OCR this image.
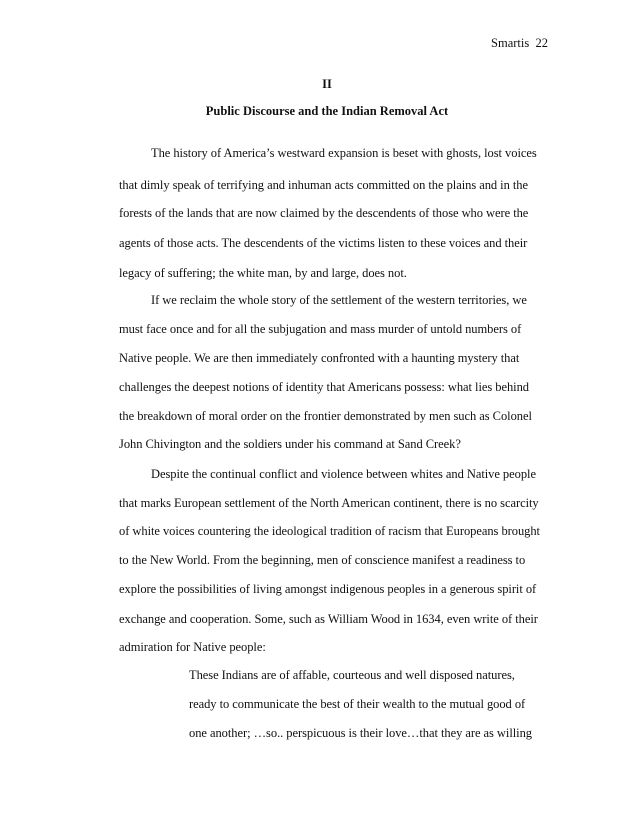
Smartis  22
II
Public Discourse and the Indian Removal Act
The history of America’s westward expansion is beset with ghosts, lost voices
that dimly speak of terrifying and inhuman acts committed on the plains and in the
forests of the lands that are now claimed by the descendents of those who were the
agents of those acts. The descendents of the victims listen to these voices and their
legacy of suffering; the white man, by and large, does not.
If we reclaim the whole story of the settlement of the western territories, we
must face once and for all the subjugation and mass murder of untold numbers of
Native people. We are then immediately confronted with a haunting mystery that
challenges the deepest notions of identity that Americans possess: what lies behind
the breakdown of moral order on the frontier demonstrated by men such as Colonel
John Chivington and the soldiers under his command at Sand Creek?
Despite the continual conflict and violence between whites and Native people
that marks European settlement of the North American continent, there is no scarcity
of white voices countering the ideological tradition of racism that Europeans brought
to the New World. From the beginning, men of conscience manifest a readiness to
explore the possibilities of living amongst indigenous peoples in a generous spirit of
exchange and cooperation. Some, such as William Wood in 1634, even write of their
admiration for Native people:
These Indians are of affable, courteous and well disposed natures,
ready to communicate the best of their wealth to the mutual good of
one another; …so.. perspicuous is their love…that they are as willing
